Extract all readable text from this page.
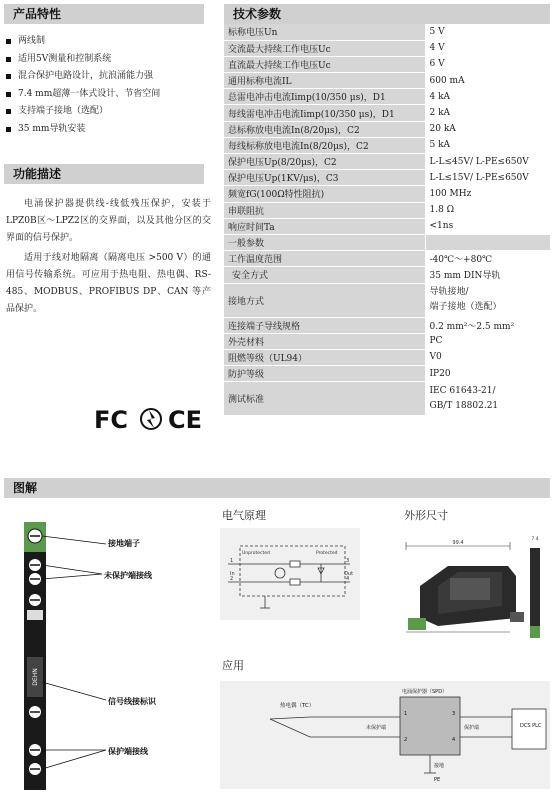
产品特性
两线制
适用5V测量和控制系统
混合保护电路设计，抗浪涌能力强
7.4 mm超薄一体式设计、节省空间
支持端子接地（选配）
35 mm导轨安装
功能描述

电涌保护器提供线-线低残压保护，安装于LPZ0B区～LPZ2区的交界面，以及其他分区的交界面的信号保护。

适用于线对地隔离（隔离电压 >500 V）的通用信号传输系统。可应用于热电阻、热电偶、RS-485、MODBUS、PROFIBUS DP、CAN 等产品保护。

FC CE
技术参数
标称电压Un	5 V
交流最大持续工作电压Uc	4 V
直流最大持续工作电压Uc	6 V
通用标称电流IL	600 mA
总雷电冲击电流Iimp(10/350 μs)，D1	4 kA
每线雷电冲击电流Iimp(10/350 μs)，D1	2 kA
总标称放电电流In(8/20μs)，C2	20 kA
每线标称放电电流In(8/20μs)，C2	5 kA
保护电压Up(8/20μs)，C2	L-L≤45V/ L-PE≤650V
保护电压Up(1KV/μs)，C3	L-L≤15V/ L-PE≤650V
频宽fG(100Ω特性阻抗)	100 MHz
串联阻抗	1.8 Ω
响应时间Ta	<1ns
一般参数	
工作温度范围	-40℃～+80℃
安全方式	35 mm DIN导轨
接地方式	导轨接地/
端子接地（选配）

连接端子导线规格	0.2 mm²～2.5 mm²
外壳材料	PC
阻燃等级（UL94）	V0
防护等级	IP20
测试标准	IEC 61643-21/
GB/T 18802.21
图解
DEHN
接地端子
未保护端接线
信号线接标识
保护端接线
电气原理
Unprotected	Protected
1
2
In	Out
3
4
外形尺寸
99.4
7.4
应用
热电偶（TC）
电涌保护器（SPD）
未保护端	保护端
接地
PE
DCS PLC
1
2
3
4
